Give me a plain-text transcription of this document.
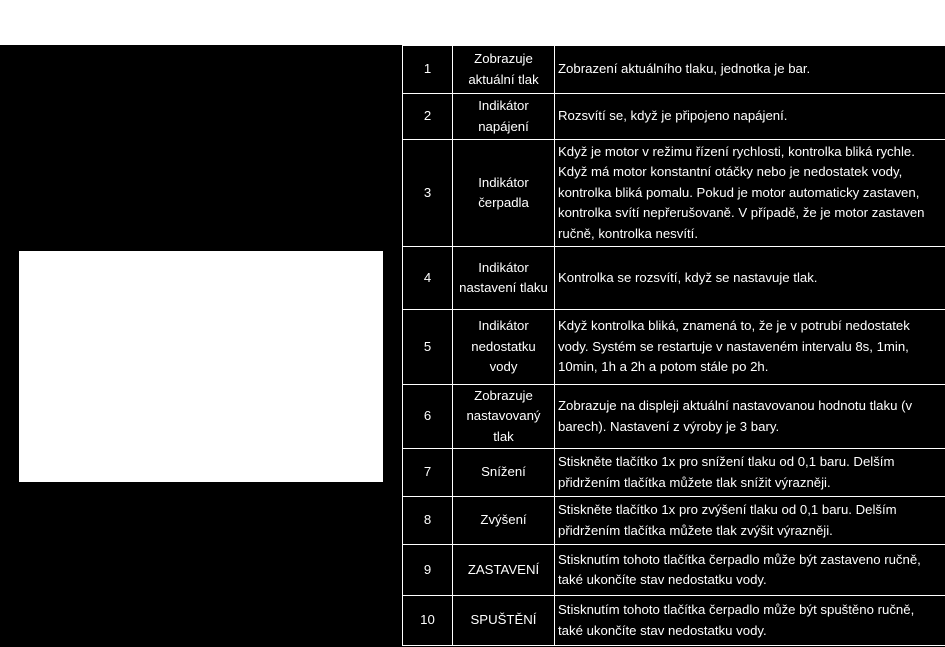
1	Zobrazuje aktuální tlak	Zobrazení aktuálního tlaku, jednotka je bar.
2	Indikátor napájení	Rozsvítí se, když je připojeno napájení.
3	Indikátor čerpadla	Když je motor v režimu řízení rychlosti, kontrolka bliká rychle. Když má motor konstantní otáčky nebo je nedostatek vody, kontrolka bliká pomalu. Pokud je motor automaticky zastaven, kontrolka svítí nepřerušovaně. V případě, že je motor zastaven ručně, kontrolka nesvítí.
4	Indikátor nastavení tlaku	Kontrolka se rozsvítí, když se nastavuje tlak.
5	Indikátor nedostatku vody	Když kontrolka bliká, znamená to, že je v potrubí nedostatek vody. Systém se restartuje v nastaveném intervalu 8s, 1min, 10min, 1h a 2h a potom stále po 2h.
6	Zobrazuje nastavovaný tlak	Zobrazuje na displeji aktuální nastavovanou hodnotu tlaku (v barech). Nastavení z výroby je 3 bary.
7	Snížení	Stiskněte tlačítko 1x pro snížení tlaku od 0,1 baru. Delším přidržením tlačítka můžete tlak snížit výrazněji.
8	Zvýšení	Stiskněte tlačítko 1x pro zvýšení tlaku od 0,1 baru. Delším přidržením tlačítka můžete tlak zvýšit výrazněji.
9	ZASTAVENÍ	Stisknutím tohoto tlačítka čerpadlo může být zastaveno ručně, také ukončíte stav nedostatku vody.
10	SPUŠTĚNÍ	Stisknutím tohoto tlačítka čerpadlo může být spuštěno ručně, také ukončíte stav nedostatku vody.
